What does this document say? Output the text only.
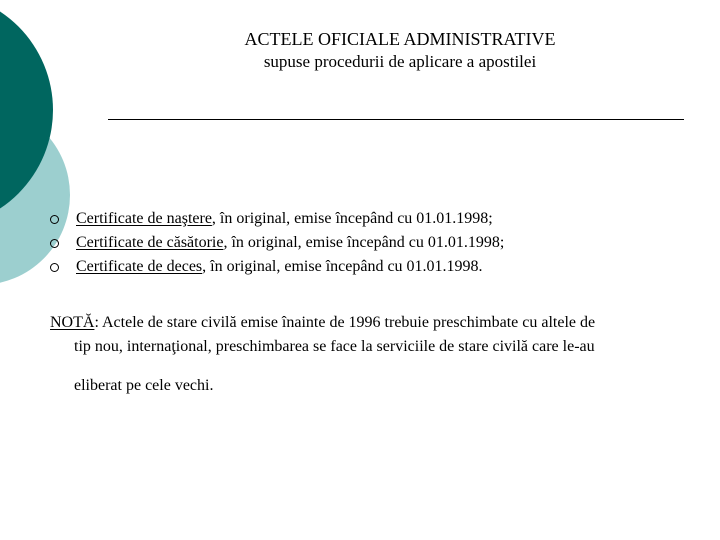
ACTELE OFICIALE ADMINISTRATIVE
supuse procedurii de aplicare a apostilei
Certificate de naştere, în original, emise începând cu 01.01.1998;
Certificate de căsătorie, în original, emise începând cu 01.01.1998;
Certificate de deces, în original, emise începând cu 01.01.1998.
NOTĂ: Actele de stare civilă emise înainte de 1996 trebuie preschimbate cu altele de
tip nou, internaţional, preschimbarea se face la serviciile de stare civilă care le-au
eliberat pe cele vechi.
